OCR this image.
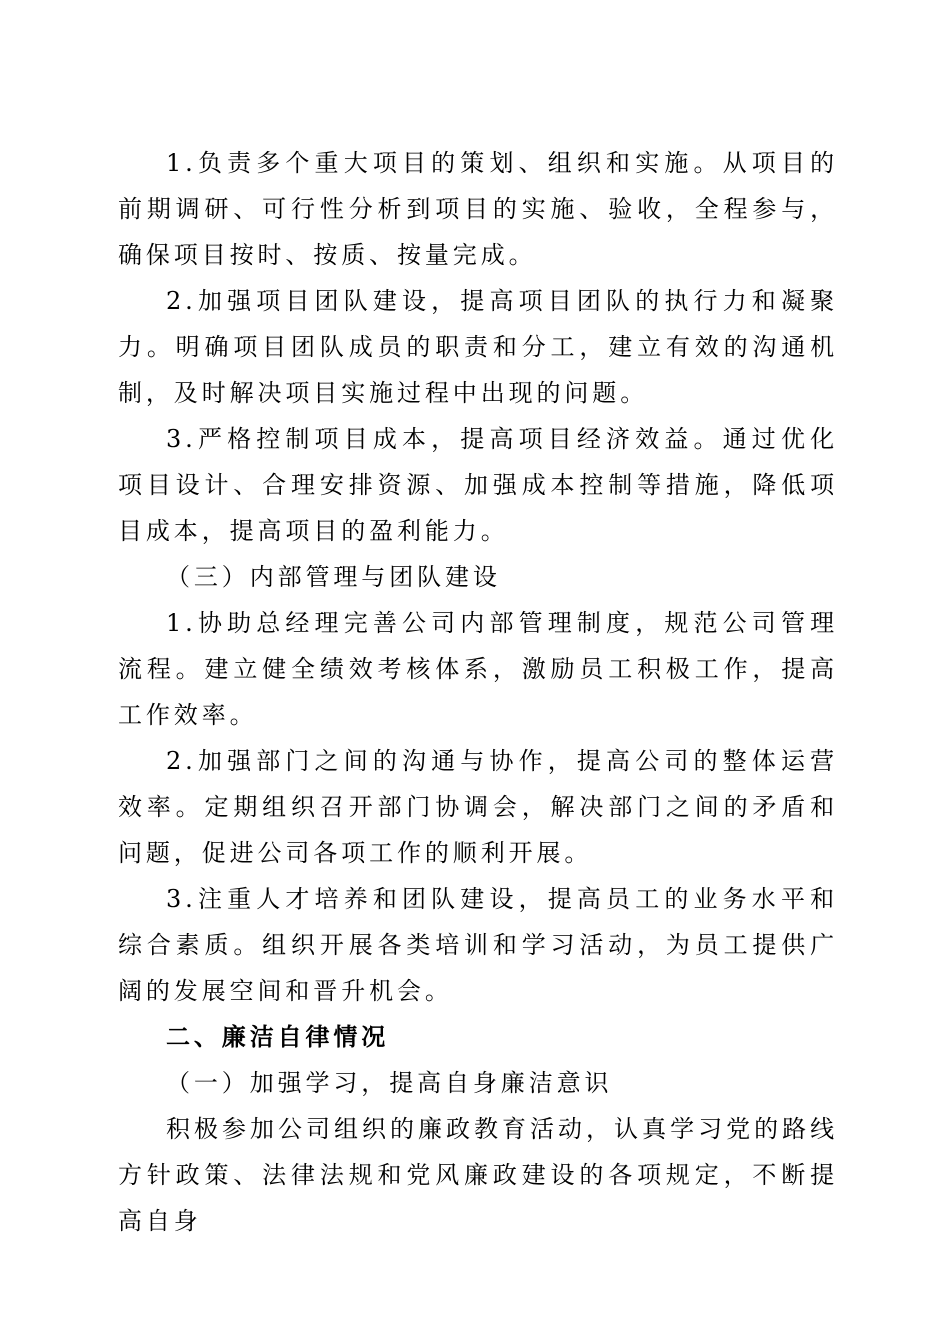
1.负责多个重大项目的策划、组织和实施。从项目的前期调研、可行性分析到项目的实施、验收，全程参与，确保项目按时、按质、按量完成。

2.加强项目团队建设，提高项目团队的执行力和凝聚力。明确项目团队成员的职责和分工，建立有效的沟通机制，及时解决项目实施过程中出现的问题。

3.严格控制项目成本，提高项目经济效益。通过优化项目设计、合理安排资源、加强成本控制等措施，降低项目成本，提高项目的盈利能力。

（三）内部管理与团队建设

1.协助总经理完善公司内部管理制度，规范公司管理流程。建立健全绩效考核体系，激励员工积极工作，提高工作效率。

2.加强部门之间的沟通与协作，提高公司的整体运营效率。定期组织召开部门协调会，解决部门之间的矛盾和问题，促进公司各项工作的顺利开展。

3.注重人才培养和团队建设，提高员工的业务水平和综合素质。组织开展各类培训和学习活动，为员工提供广阔的发展空间和晋升机会。

二、廉洁自律情况

（一）加强学习，提高自身廉洁意识

积极参加公司组织的廉政教育活动，认真学习党的路线方针政策、法律法规和党风廉政建设的各项规定，不断提高自身
